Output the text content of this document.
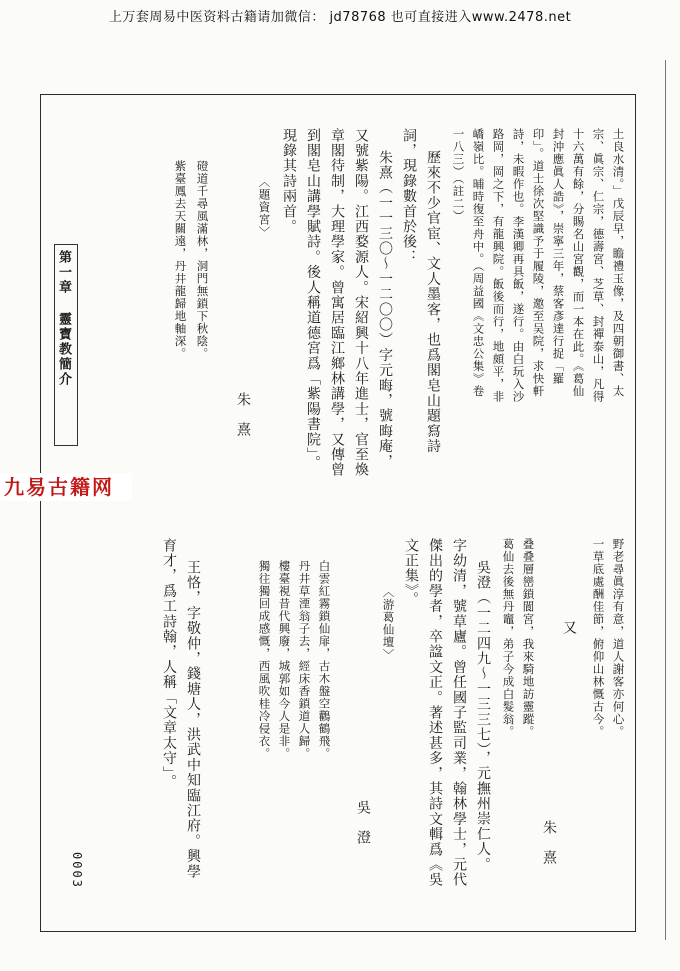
上万套周易中医资料古籍请加微信： jd78768 也可直接进入www.2478.net
第一章 靈寶教簡介	土良水清。」戊辰早，瞻禮玉像，及四朝御書、太
宗、眞宗、仁宗，德壽宮、芝草、封禪泰山，凡得
十六萬有餘，分賜名山宮觀，而一本在此。《葛仙
封沖應眞人誥》，崇寧三年，蔡客彥達行捉「羅
印」。道士徐次堅識予于履陵，邀至吴院，求快軒
詩，未暇作也。李漢卿再具飯，遂行。由白玩入沙
路岡，岡之下，有龍興院。飯後而行，地頗平，非
嶠嶺比。晡時復至舟中。（周益國《文忠公集》卷
一八三）（註二）
歷來不少官宦、文人墨客，也爲閣皂山題寫詩
詞，現錄數首於後：
朱熹（一一三〇～一二〇〇）字元晦，號晦庵，
又號紫陽。江西婺源人。宋紹興十八年進士，官至煥
章閣待制，大理學家。曾寓居臨江鄉林講學，又傳曾
到閣皂山講學賦詩。後人稱道德宮爲「紫陽書院」。
現錄其詩兩首。
〈題資宮〉
朱　熹
磴道千尋風滿林，洞門無鎖下秋陰。
紫臺鳳去天關遠，丹井龍歸地軸深。
野老尋眞淳有意，道人謝客亦何心。
一草底處酬佳節，俯仰山林慨古今。
又
朱　熹
叠叠層巒鎖閬宮，我來騎地訪靈蹤。
葛仙去後無丹竈，弟子今成白髮翁。
吳澄（一二四九～一三三七），元撫州崇仁人。
字幼清，號草廬。曾任國子監司業，翰林學士，元代
傑出的學者，卒諡文正。著述甚多，其詩文輯爲《吳
文正集》。
〈游葛仙壇〉
吳　澄
白雲紅霧鎖仙扉，古木盤空鸛鶴飛。
丹井草湮翁子去，經床香鎖道人歸。
樓臺視昔代興廢，城郭如今人是非。
獨往獨回成感慨，西風吹桂冷侵衣。
王恪，字敬仲，錢塘人，洪武中知臨江府。興學
育才，爲工詩翰，人稱「文章太守」。
0003
九易古籍网
